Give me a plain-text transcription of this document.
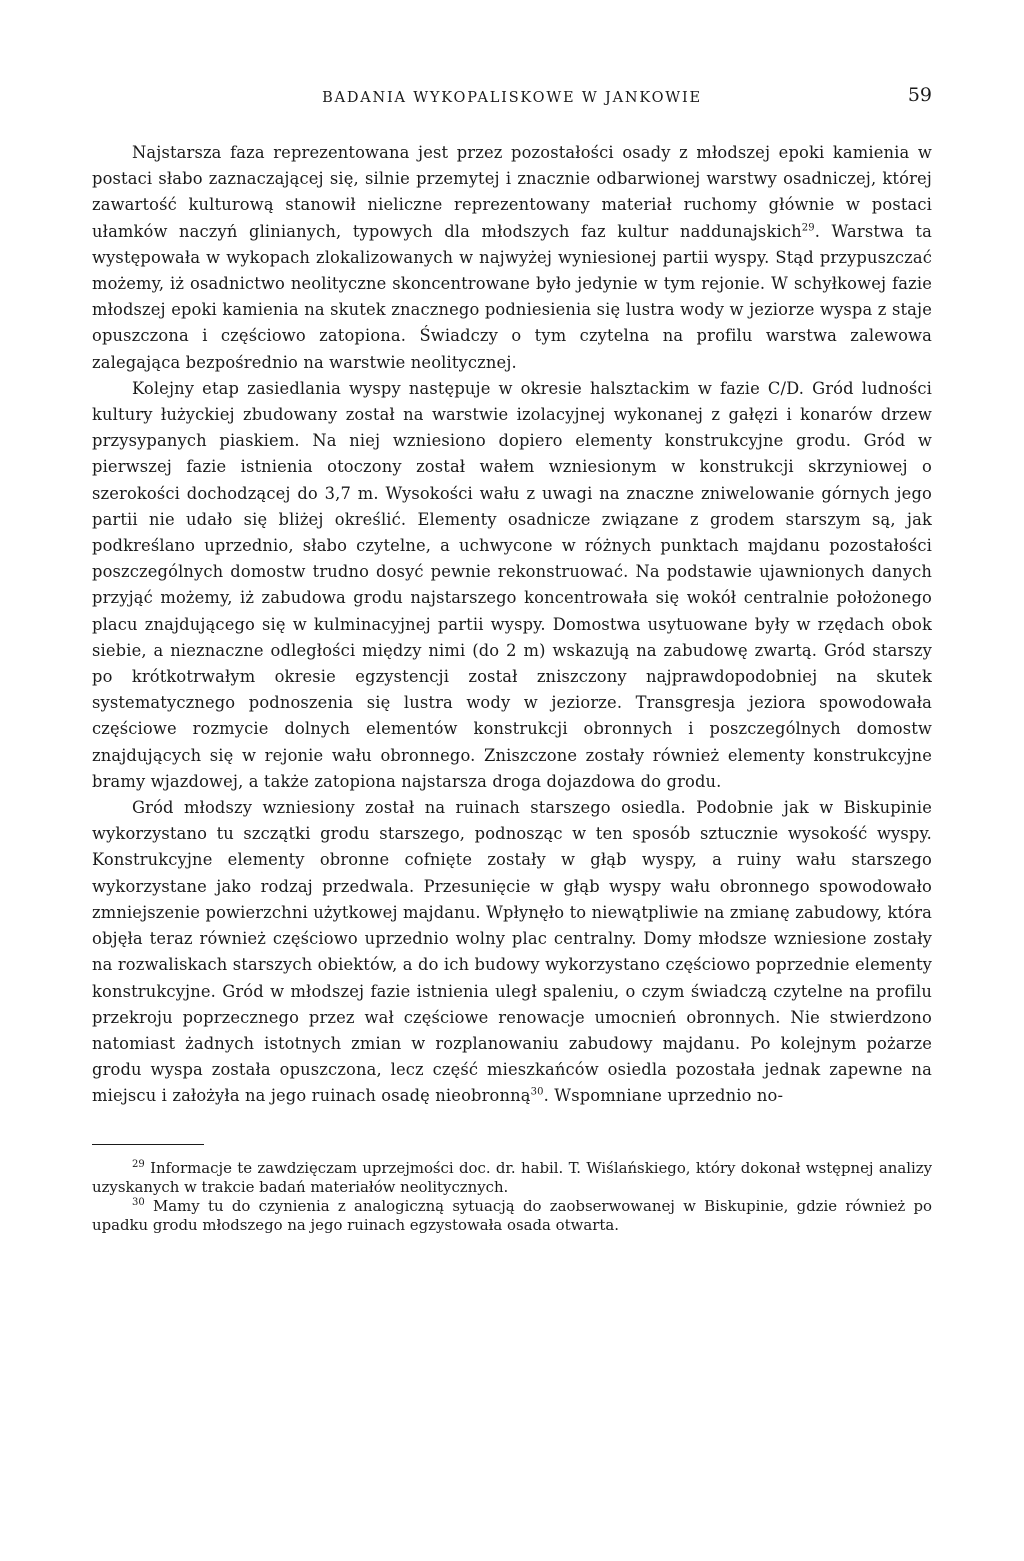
BADANIA WYKOPALISKOWE W JANKOWIE	59

Najstarsza faza reprezentowana jest przez pozostałości osady z młodszej epoki kamienia w postaci słabo zaznaczającej się, silnie przemytej i znacznie odbarwionej warstwy osadniczej, której zawartość kulturową stanowił nieliczne reprezentowany materiał ruchomy głównie w postaci ułamków naczyń glinianych, typowych dla młodszych faz kultur naddunajskich$^{29}$. Warstwa ta występowała w wykopach zlokalizowanych w najwyżej wyniesionej partii wyspy. Stąd przypuszczać możemy, iż osadnictwo neolityczne skoncentrowane było jedynie w tym rejonie. W schyłkowej fazie młodszej epoki kamienia na skutek znacznego podniesienia się lustra wody w jeziorze wyspa z staje opuszczona i częściowo zatopiona. Świadczy o tym czytelna na profilu warstwa zalewowa zalegająca bezpośrednio na warstwie neolitycznej.

Kolejny etap zasiedlania wyspy następuje w okresie halsztackim w fazie C/D. Gród ludności kultury łużyckiej zbudowany został na warstwie izolacyjnej wykonanej z gałęzi i konarów drzew przysypanych piaskiem. Na niej wzniesiono dopiero elementy konstrukcyjne grodu. Gród w pierwszej fazie istnienia otoczony został wałem wzniesionym w konstrukcji skrzyniowej o szerokości dochodzącej do 3,7 m. Wysokości wału z uwagi na znaczne zniwelowanie górnych jego partii nie udało się bliżej określić. Elementy osadnicze związane z grodem starszym są, jak podkreślano uprzednio, słabo czytelne, a uchwycone w różnych punktach majdanu pozostałości poszczególnych domostw trudno dosyć pewnie rekonstruować. Na podstawie ujawnionych danych przyjąć możemy, iż zabudowa grodu najstarszego koncentrowała się wokół centralnie położonego placu znajdującego się w kulminacyjnej partii wyspy. Domostwa usytuowane były w rzędach obok siebie, a nieznaczne odległości między nimi (do 2 m) wskazują na zabudowę zwartą. Gród starszy po krótkotrwałym okresie egzystencji został zniszczony najprawdopodobniej na skutek systematycznego podnoszenia się lustra wody w jeziorze. Transgresja jeziora spowodowała częściowe rozmycie dolnych elementów konstrukcji obronnych i poszczególnych domostw znajdujących się w rejonie wału obronnego. Zniszczone zostały również elementy konstrukcyjne bramy wjazdowej, a także zatopiona najstarsza droga dojazdowa do grodu.

Gród młodszy wzniesiony został na ruinach starszego osiedla. Podobnie jak w Biskupinie wykorzystano tu szczątki grodu starszego, podnosząc w ten sposób sztucznie wysokość wyspy. Konstrukcyjne elementy obronne cofnięte zostały w głąb wyspy, a ruiny wału starszego wykorzystane jako rodzaj przedwala. Przesunięcie w głąb wyspy wału obronnego spowodowało zmniejszenie powierzchni użytkowej majdanu. Wpłynęło to niewątpliwie na zmianę zabudowy, która objęła teraz również częściowo uprzednio wolny plac centralny. Domy młodsze wzniesione zostały na rozwaliskach starszych obiektów, a do ich budowy wykorzystano częściowo poprzednie elementy konstrukcyjne. Gród w młodszej fazie istnienia uległ spaleniu, o czym świadczą czytelne na profilu przekroju poprzecznego przez wał częściowe renowacje umocnień obronnych. Nie stwierdzono natomiast żadnych istotnych zmian w rozplanowaniu zabudowy majdanu. Po kolejnym pożarze grodu wyspa została opuszczona, lecz część mieszkańców osiedla pozostała jednak zapewne na miejscu i założyła na jego ruinach osadę nieobronną$^{30}$. Wspomniane uprzednio no-

$^{29}$ Informacje te zawdzięczam uprzejmości doc. dr. habil. T. Wiślańskiego, który dokonał wstępnej analizy uzyskanych w trakcie badań materiałów neolitycznych.

$^{30}$ Mamy tu do czynienia z analogiczną sytuacją do zaobserwowanej w Biskupinie, gdzie również po upadku grodu młodszego na jego ruinach egzystowała osada otwarta.
